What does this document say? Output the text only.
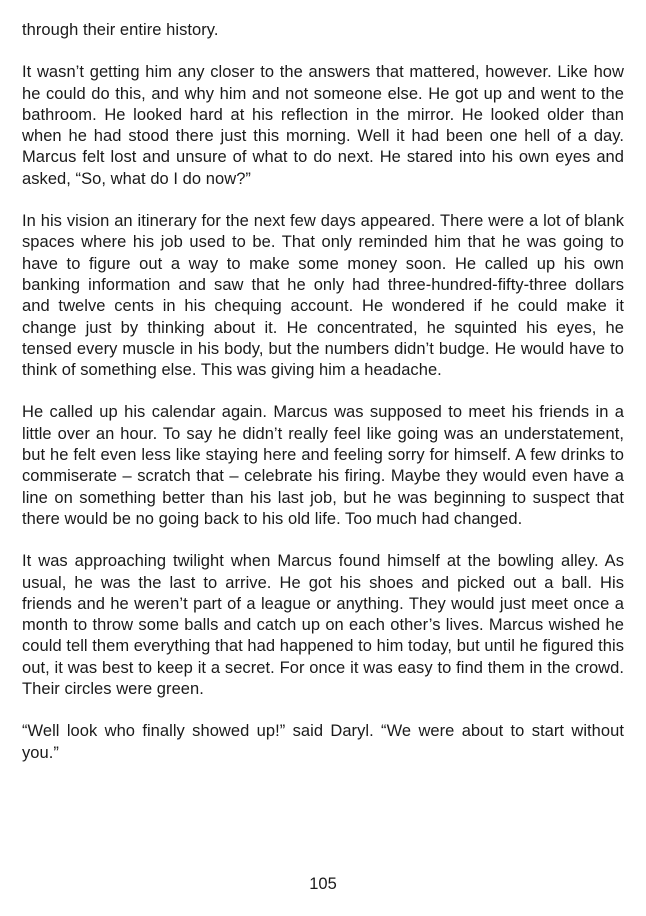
through their entire history.

It wasn’t getting him any closer to the answers that mattered, however. Like how he could do this, and why him and not someone else. He got up and went to the bathroom. He looked hard at his reflection in the mirror. He looked older than when he had stood there just this morning. Well it had been one hell of a day. Marcus felt lost and unsure of what to do next. He stared into his own eyes and asked, “So, what do I do now?”

In his vision an itinerary for the next few days appeared. There were a lot of blank spaces where his job used to be. That only reminded him that he was going to have to figure out a way to make some money soon. He called up his own banking information and saw that he only had three-hundred-fifty-three dollars and twelve cents in his chequing account. He wondered if he could make it change just by thinking about it. He concentrated, he squinted his eyes, he tensed every muscle in his body, but the numbers didn’t budge. He would have to think of something else. This was giving him a headache.

He called up his calendar again. Marcus was supposed to meet his friends in a little over an hour. To say he didn’t really feel like going was an understatement, but he felt even less like staying here and feeling sorry for himself. A few drinks to commiserate – scratch that – celebrate his firing. Maybe they would even have a line on something better than his last job, but he was beginning to suspect that there would be no going back to his old life. Too much had changed.

It was approaching twilight when Marcus found himself at the bowling alley. As usual, he was the last to arrive. He got his shoes and picked out a ball. His friends and he weren’t part of a league or anything. They would just meet once a month to throw some balls and catch up on each other’s lives. Marcus wished he could tell them everything that had happened to him today, but until he figured this out, it was best to keep it a secret. For once it was easy to find them in the crowd. Their circles were green.

“Well look who finally showed up!” said Daryl. “We were about to start without you.”

105
